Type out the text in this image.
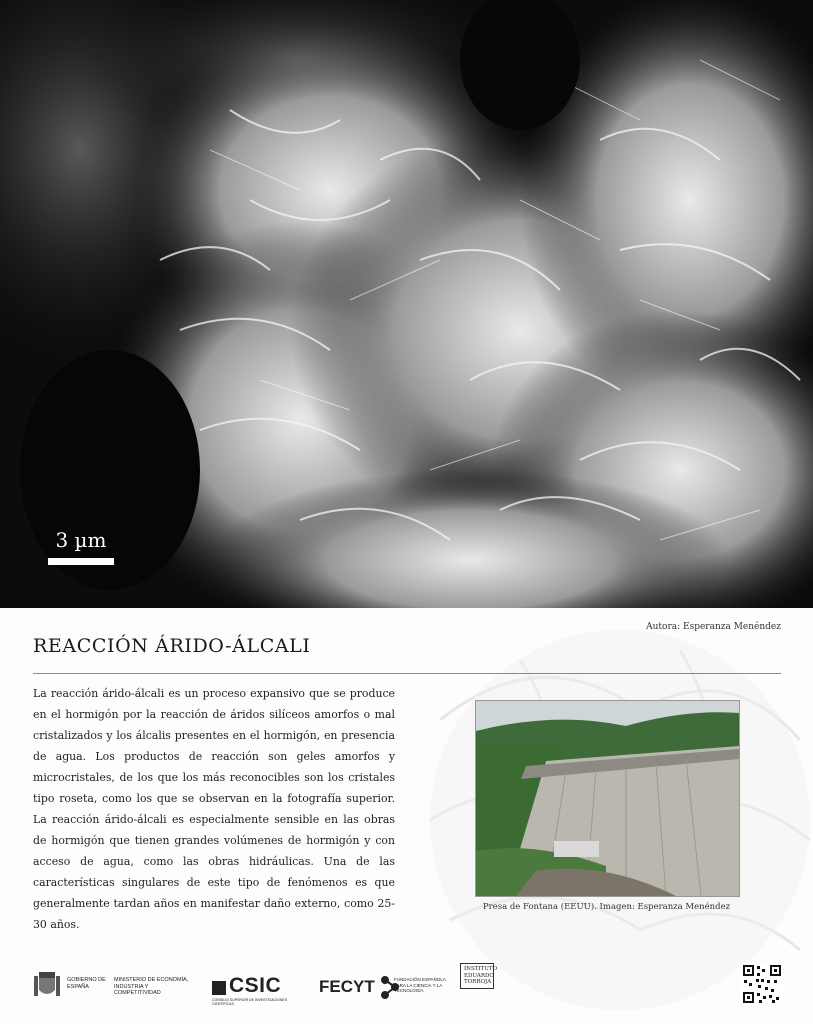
3 µm
Autora: Esperanza Menéndez
REACCIÓN ÁRIDO-ÁLCALI
La reacción árido-álcali es un proceso expansivo que se produce en el hormigón por la reacción de áridos silíceos amorfos o mal cristalizados y los álcalis presentes en el hormigón, en presencia de agua. Los productos de reacción son geles amorfos y microcristales, de los que los más reconocibles son los cristales tipo roseta, como los que se observan en la fotografía superior. La reacción árido-álcali es especialmente sensible en las obras de hormigón que tienen grandes volúmenes de hormigón y con acceso de agua, como las obras hidráulicas. Una de las características singulares de este tipo de fenómenos es que generalmente tardan años en manifestar daño externo, como 25-30 años.
Presa de Fontana (EEUU). Imagen: Esperanza Menéndez
GOBIERNO DE ESPAÑA
MINISTERIO DE ECONOMÍA, INDUSTRIA Y COMPETITIVIDAD	CSIC
CONSEJO SUPERIOR DE INVESTIGACIONES CIENTÍFICAS
FECYT	FUNDACIÓN ESPAÑOLA PARA LA CIENCIA Y LA TECNOLOGÍA
INSTITUTO EDUARDO TORROJA
